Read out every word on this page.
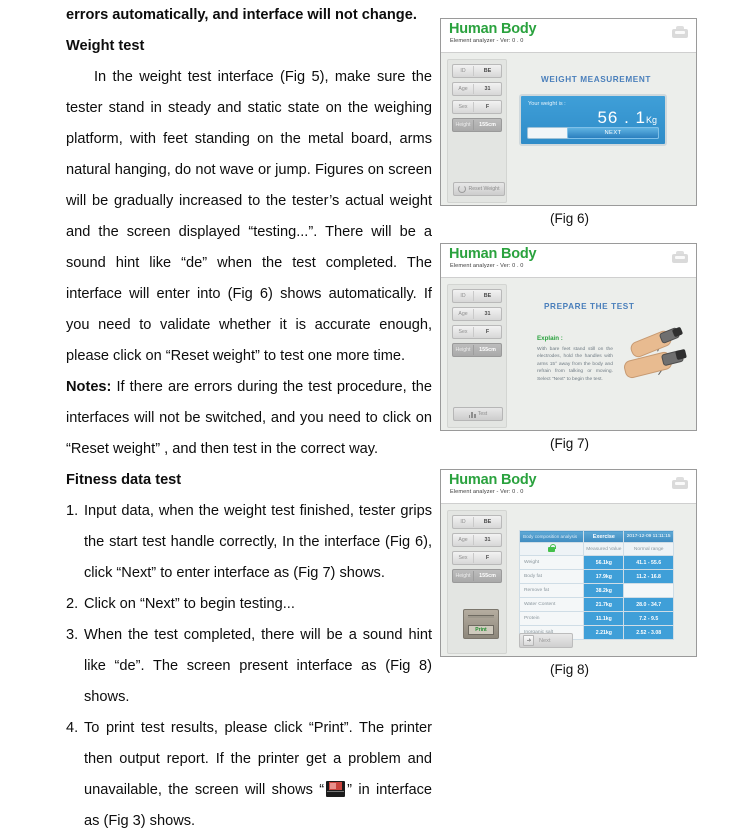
errors automatically, and interface will not change.

Weight test

In the weight test interface (Fig 5), make sure the tester stand in steady and static state on the weighing platform, with feet standing on the metal board, arms natural hanging, do not wave or jump. Figures on screen will be gradually increased to the tester’s actual weight and the screen displayed “testing...”. There will be a sound hint like “de” when the test completed. The interface will enter into (Fig 6) shows automatically. If you need to validate whether it is accurate enough, please click on “Reset weight” to test one more time.

Notes: If there are errors during the test procedure, the interfaces will not be switched, and you need to click on “Reset weight” , and then test in the correct way.

Fitness data test

1. Input data, when the weight test finished, tester grips the start test handle correctly, In the interface (Fig 6), click “Next” to enter interface as (Fig 7) shows.
2. Click on “Next” to begin testing...
3. When the test completed, there will be a sound hint like “de”. The screen present interface as (Fig 8) shows.
4. To print test results, please click “Print”. The printer then output report. If the printer get a problem and unavailable, the screen will shows “ ” in interface as (Fig 3) shows.
Human Body
Element analyzer - Ver: 0 . 0
ID	BE
Age	31
Sex	F
Height	155cm
Reset Weight
WEIGHT MEASUREMENT
Your weight is :
56 . 1Kg
NEXT
(Fig 6)
Human Body
Element analyzer - Ver: 0 . 0
ID	BE
Age	31
Sex	F
Height	155cm
Test
PREPARE THE TEST
Explain :
With bare feet stand still on the electrodes, hold the handles with arms 15° away from the body and refrain from talking or moving. Select “Next” to begin the test.
(Fig 7)
Human Body
Element analyzer - Ver: 0 . 0
ID	BE
Age	31
Sex	F
Height	155cm
Print
Body composition analysis	Exercise	2017-12-09 11:11:15

	Measured Value	Normal range
Weight	56.1kg	41.1 - 55.6
Body fat	17.9kg	11.2 - 16.8
Remove fat	38.2kg	
Water Content	21.7kg	28.0 - 34.7
Protein	11.1kg	7.2 - 9.5
	2.21kg	2.52 - 3.08
Next
(Fig 8)
